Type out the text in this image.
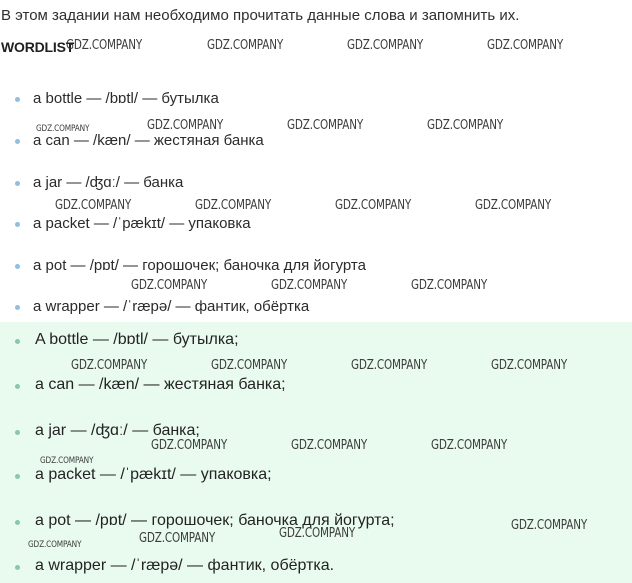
В этом задании нам необходимо прочитать данные слова и запомнить их.
WORDLIST
a bottle — /bɒtl/ — бутылка
a can — /kæn/ — жестяная банка
a jar — /ʤɑː/ — банка
a packet — /ˈpækɪt/ — упаковка
a pot — /pɒt/ — горошочек; баночка для йогурта
a wrapper — /ˈræpə/ — фантик, обёртка
A bottle — /bɒtl/ — бутылка;
a can — /kæn/ — жестяная банка;
a jar — /ʤɑː/ — банка;
a packet — /ˈpækɪt/ — упаковка;
a pot — /pɒt/ — горошочек; баночка для йогурта;
a wrapper — /ˈræpə/ — фантик, обёртка.
GDZ.COMPANY	GDZ.COMPANY	GDZ.COMPANY	GDZ.COMPANY
GDZ.COMPANY	GDZ.COMPANY	GDZ.COMPANY	GDZ.COMPANY
GDZ.COMPANY	GDZ.COMPANY	GDZ.COMPANY	GDZ.COMPANY
GDZ.COMPANY	GDZ.COMPANY	GDZ.COMPANY
GDZ.COMPANY	GDZ.COMPANY	GDZ.COMPANY	GDZ.COMPANY
GDZ.COMPANY	GDZ.COMPANY	GDZ.COMPANY
GDZ.COMPANY
GDZ.COMPANY
GDZ.COMPANY	GDZ.COMPANY
GDZ.COMPANY
